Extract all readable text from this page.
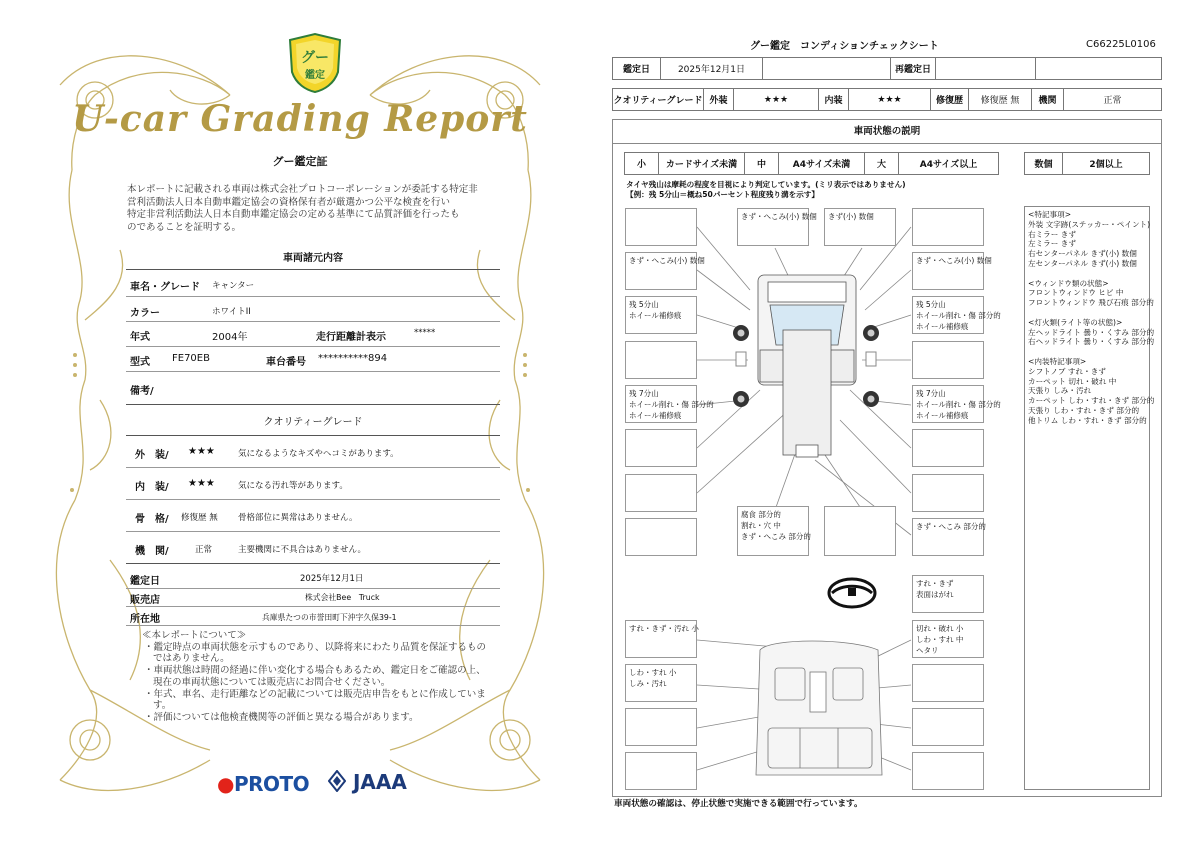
グー
鑑定
U-car Grading Report
グー鑑定証
本レポートに記載される車両は株式会社プロトコーポレーションが委託する特定非
営利活動法人日本自動車鑑定協会の資格保有者が厳選かつ公平な検査を行い
特定非営利活動法人日本自動車鑑定協会の定める基準にて品質評価を行ったも
のであることを証明する。
車両諸元内容
車名・グレード キャンター
カラー	ホワイトII
年式	2004年	走行距離計表示	*****
型式 FE70EB	車台番号 **********894
備考/
クオリティーグレード
外　装/ ★★★	気になるようなキズやヘコミがあります。
内　装/ ★★★	気になる汚れ等があります。
骨　格/ 修復歴 無 骨格部位に異常はありません。
機　関/	正常	主要機関に不具合はありません。
鑑定日	2025年12月1日
販売店	株式会社Bee　Truck
所在地	兵庫県たつの市誉田町下沖字久保39-1
≪本レポートについて≫
・鑑定時点の車両状態を示すものであり、以降将来にわたり品質を保証するものではありません。
・車両状態は時間の経過に伴い変化する場合もあるため、鑑定日をご確認の上、現在の車両状態については販売店にお問合せください。
・年式、車名、走行距離などの記載については販売店申告をもとに作成しています。
・評価については他検査機関等の評価と異なる場合があります。
●PROTO	JAAA
グー鑑定　コンディションチェックシート	C66225L0106
鑑定日	2025年12月1日		再鑑定日		
クオリティーグレード	外装	★★★	内装	★★★	修復歴	修復歴 無	機関	正常
車両状態の説明
小	カードサイズ未満	中	A4サイズ未満	大	A4サイズ以上	数個	2個以上
タイヤ残山は摩耗の程度を目視により判定しています。(ミリ表示ではありません)
【例：残 5分山＝概ね50パーセント程度残り溝を示す】
きず・へこみ(小) 数個	きず(小) 数個
きず・へこみ(小) 数個	きず・へこみ(小) 数個
残 5分山
ホイール補修痕
残 5分山
ホイール削れ・傷 部分的
ホイール補修痕
残 7分山
ホイール削れ・傷 部分的
ホイール補修痕
残 7分山
ホイール削れ・傷 部分的
ホイール補修痕
腐食 部分的
割れ・穴 中
きず・へこみ 部分的
きず・へこみ 部分的
すれ・きず
表面はがれ
すれ・きず・汚れ 小	切れ・破れ 小
しわ・すれ 中
ヘタリ
しわ・すれ 小
しみ・汚れ
<特記事項>
外装 文字跡(ステッカー・ペイント)
右ミラー きず
左ミラー きず
右センターパネル きず(小) 数個
左センターパネル きず(小) 数個

<ウィンドウ類の状態>
フロントウィンドウ ヒビ 中
フロントウィンドウ 飛び石痕 部分的

<灯火類(ライト等の状態)>
左ヘッドライト 曇り・くすみ 部分的
右ヘッドライト 曇り・くすみ 部分的

<内装特記事項>
シフトノブ すれ・きず
カーペット 切れ・破れ 中
天張り しみ・汚れ
カーペット しわ・すれ・きず 部分的
天張り しわ・すれ・きず 部分的
他トリム しわ・すれ・きず 部分的
車両状態の確認は、停止状態で実施できる範囲で行っています。
